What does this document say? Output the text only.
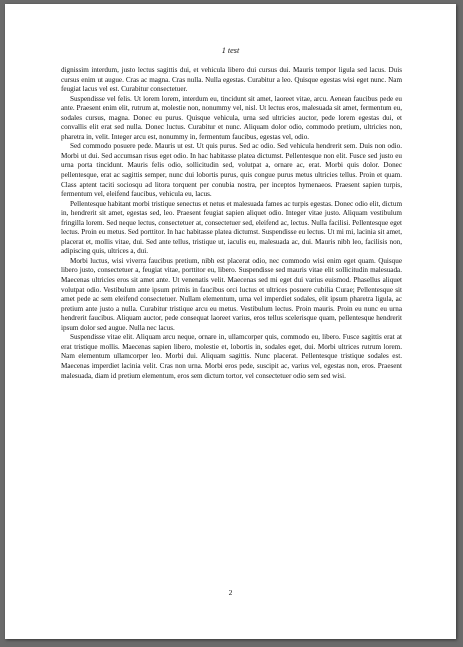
1 test

dignissim interdum, justo lectus sagittis dui, et vehicula libero dui cursus dui. Mauris tempor ligula sed lacus. Duis cursus enim ut augue. Cras ac magna. Cras nulla. Nulla egestas. Curabitur a leo. Quisque egestas wisi eget nunc. Nam feugiat lacus vel est. Curabitur consectetuer.

Suspendisse vel felis. Ut lorem lorem, interdum eu, tincidunt sit amet, laoreet vitae, arcu. Aenean faucibus pede eu ante. Praesent enim elit, rutrum at, molestie non, nonummy vel, nisl. Ut lectus eros, malesuada sit amet, fermentum eu, sodales cursus, magna. Donec eu purus. Quisque vehicula, urna sed ultricies auctor, pede lorem egestas dui, et convallis elit erat sed nulla. Donec luctus. Curabitur et nunc. Aliquam dolor odio, commodo pretium, ultricies non, pharetra in, velit. Integer arcu est, nonummy in, fermentum faucibus, egestas vel, odio.

Sed commodo posuere pede. Mauris ut est. Ut quis purus. Sed ac odio. Sed vehicula hendrerit sem. Duis non odio. Morbi ut dui. Sed accumsan risus eget odio. In hac habitasse platea dictumst. Pellentesque non elit. Fusce sed justo eu urna porta tincidunt. Mauris felis odio, sollicitudin sed, volutpat a, ornare ac, erat. Morbi quis dolor. Donec pellentesque, erat ac sagittis semper, nunc dui lobortis purus, quis congue purus metus ultricies tellus. Proin et quam. Class aptent taciti sociosqu ad litora torquent per conubia nostra, per inceptos hymenaeos. Praesent sapien turpis, fermentum vel, eleifend faucibus, vehicula eu, lacus.

Pellentesque habitant morbi tristique senectus et netus et malesuada fames ac turpis egestas. Donec odio elit, dictum in, hendrerit sit amet, egestas sed, leo. Praesent feugiat sapien aliquet odio. Integer vitae justo. Aliquam vestibulum fringilla lorem. Sed neque lectus, consectetuer at, consectetuer sed, eleifend ac, lectus. Nulla facilisi. Pellentesque eget lectus. Proin eu metus. Sed porttitor. In hac habitasse platea dictumst. Suspendisse eu lectus. Ut mi mi, lacinia sit amet, placerat et, mollis vitae, dui. Sed ante tellus, tristique ut, iaculis eu, malesuada ac, dui. Mauris nibh leo, facilisis non, adipiscing quis, ultrices a, dui.

Morbi luctus, wisi viverra faucibus pretium, nibh est placerat odio, nec commodo wisi enim eget quam. Quisque libero justo, consectetuer a, feugiat vitae, porttitor eu, libero. Suspendisse sed mauris vitae elit sollicitudin malesuada. Maecenas ultricies eros sit amet ante. Ut venenatis velit. Maecenas sed mi eget dui varius euismod. Phasellus aliquet volutpat odio. Vestibulum ante ipsum primis in faucibus orci luctus et ultrices posuere cubilia Curae; Pellentesque sit amet pede ac sem eleifend consectetuer. Nullam elementum, urna vel imperdiet sodales, elit ipsum pharetra ligula, ac pretium ante justo a nulla. Curabitur tristique arcu eu metus. Vestibulum lectus. Proin mauris. Proin eu nunc eu urna hendrerit faucibus. Aliquam auctor, pede consequat laoreet varius, eros tellus scelerisque quam, pellentesque hendrerit ipsum dolor sed augue. Nulla nec lacus.

Suspendisse vitae elit. Aliquam arcu neque, ornare in, ullamcorper quis, commodo eu, libero. Fusce sagittis erat at erat tristique mollis. Maecenas sapien libero, molestie et, lobortis in, sodales eget, dui. Morbi ultrices rutrum lorem. Nam elementum ullamcorper leo. Morbi dui. Aliquam sagittis. Nunc placerat. Pellentesque tristique sodales est. Maecenas imperdiet lacinia velit. Cras non urna. Morbi eros pede, suscipit ac, varius vel, egestas non, eros. Praesent malesuada, diam id pretium elementum, eros sem dictum tortor, vel consectetuer odio sem sed wisi.

2
